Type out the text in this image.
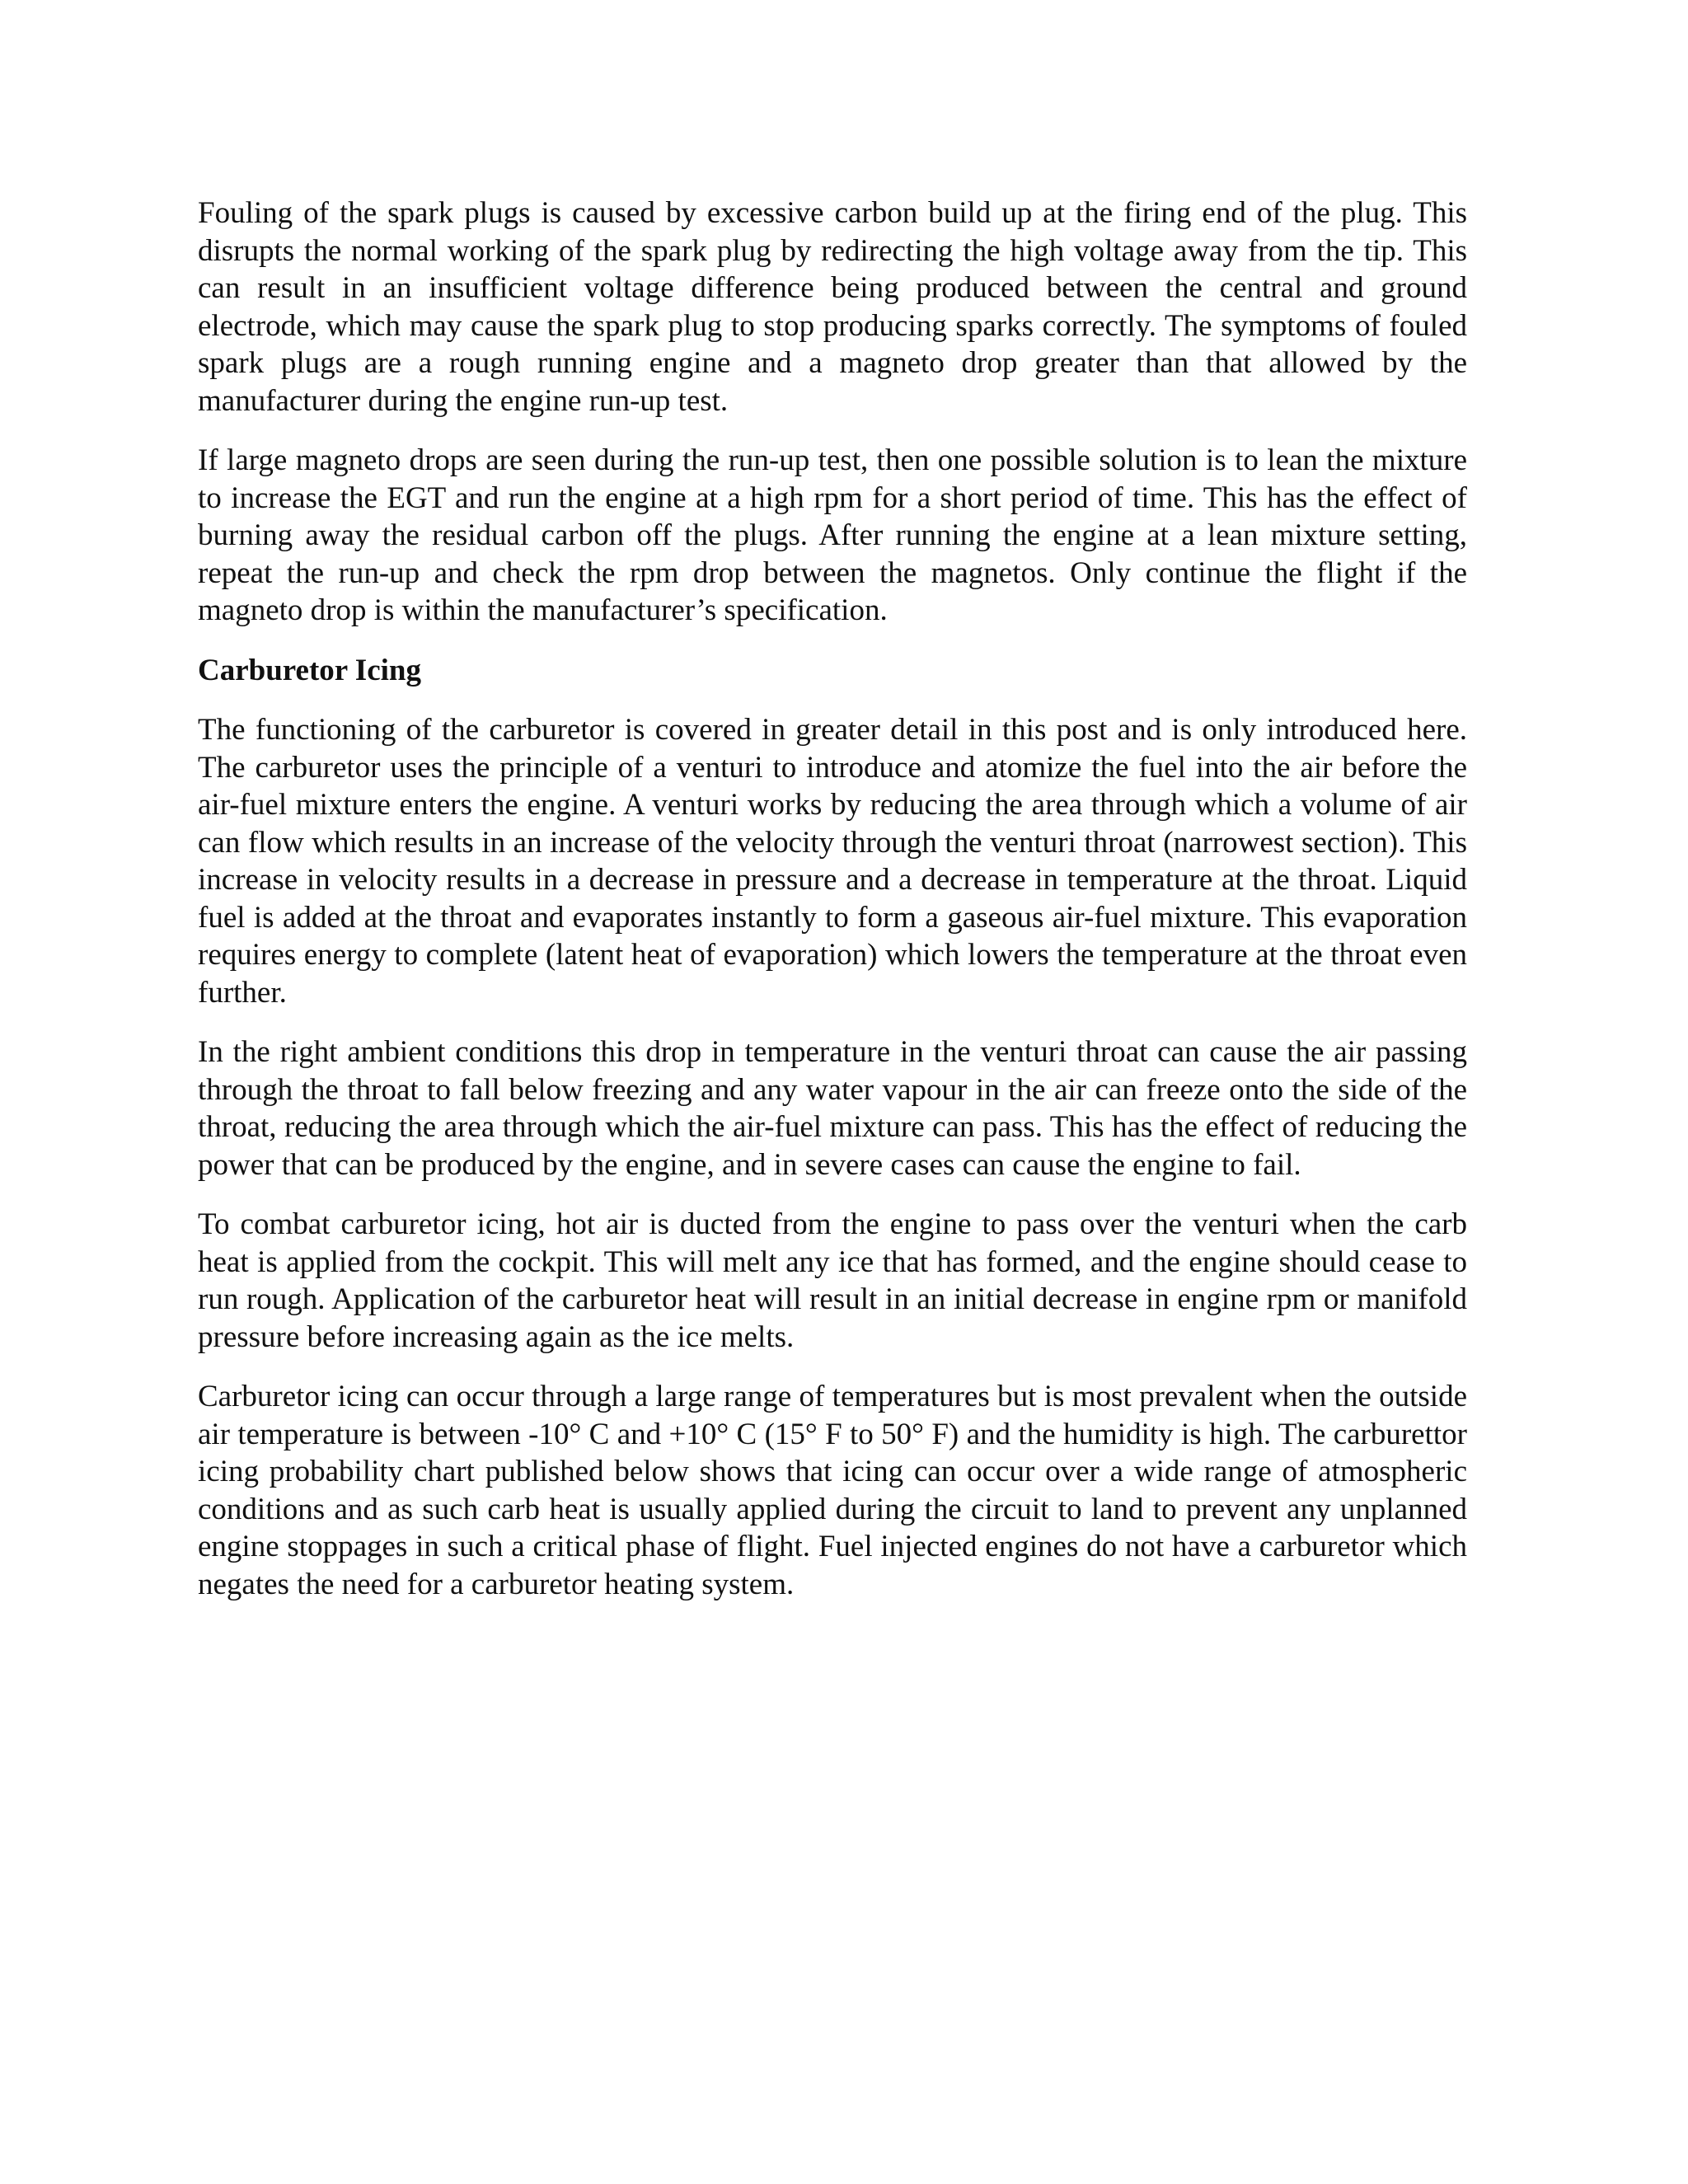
Fouling of the spark plugs is caused by excessive carbon build up at the firing end of the plug. This disrupts the normal working of the spark plug by redirecting the high voltage away from the tip. This can result in an insufficient voltage difference being produced between the central and ground electrode, which may cause the spark plug to stop producing sparks correctly. The symptoms of fouled spark plugs are a rough running engine and a magneto drop greater than that allowed by the manufacturer during the engine run-up test.

If large magneto drops are seen during the run-up test, then one possible solution is to lean the mixture to increase the EGT and run the engine at a high rpm for a short period of time. This has the effect of burning away the residual carbon off the plugs. After running the engine at a lean mixture setting, repeat the run-up and check the rpm drop between the magnetos. Only continue the flight if the magneto drop is within the manufacturer’s specification.

Carburetor Icing

The functioning of the carburetor is covered in greater detail in this post and is only introduced here. The carburetor uses the principle of a venturi to introduce and atomize the fuel into the air before the air-fuel mixture enters the engine. A venturi works by reducing the area through which a volume of air can flow which results in an increase of the velocity through the venturi throat (narrowest section). This increase in velocity results in a decrease in pressure and a decrease in temperature at the throat. Liquid fuel is added at the throat and evaporates instantly to form a gaseous air-fuel mixture. This evaporation requires energy to complete (latent heat of evaporation) which lowers the temperature at the throat even further.

In the right ambient conditions this drop in temperature in the venturi throat can cause the air passing through the throat to fall below freezing and any water vapour in the air can freeze onto the side of the throat, reducing the area through which the air-fuel mixture can pass. This has the effect of reducing the power that can be produced by the engine, and in severe cases can cause the engine to fail.

To combat carburetor icing, hot air is ducted from the engine to pass over the venturi when the carb heat is applied from the cockpit. This will melt any ice that has formed, and the engine should cease to run rough. Application of the carburetor heat will result in an initial decrease in engine rpm or manifold pressure before increasing again as the ice melts.

Carburetor icing can occur through a large range of temperatures but is most prevalent when the outside air temperature is between -10° C and +10° C (15° F to 50° F) and the humidity is high. The carburettor icing probability chart published below shows that icing can occur over a wide range of atmospheric conditions and as such carb heat is usually applied during the circuit to land to prevent any unplanned engine stoppages in such a critical phase of flight. Fuel injected engines do not have a carburetor which negates the need for a carburetor heating system.
